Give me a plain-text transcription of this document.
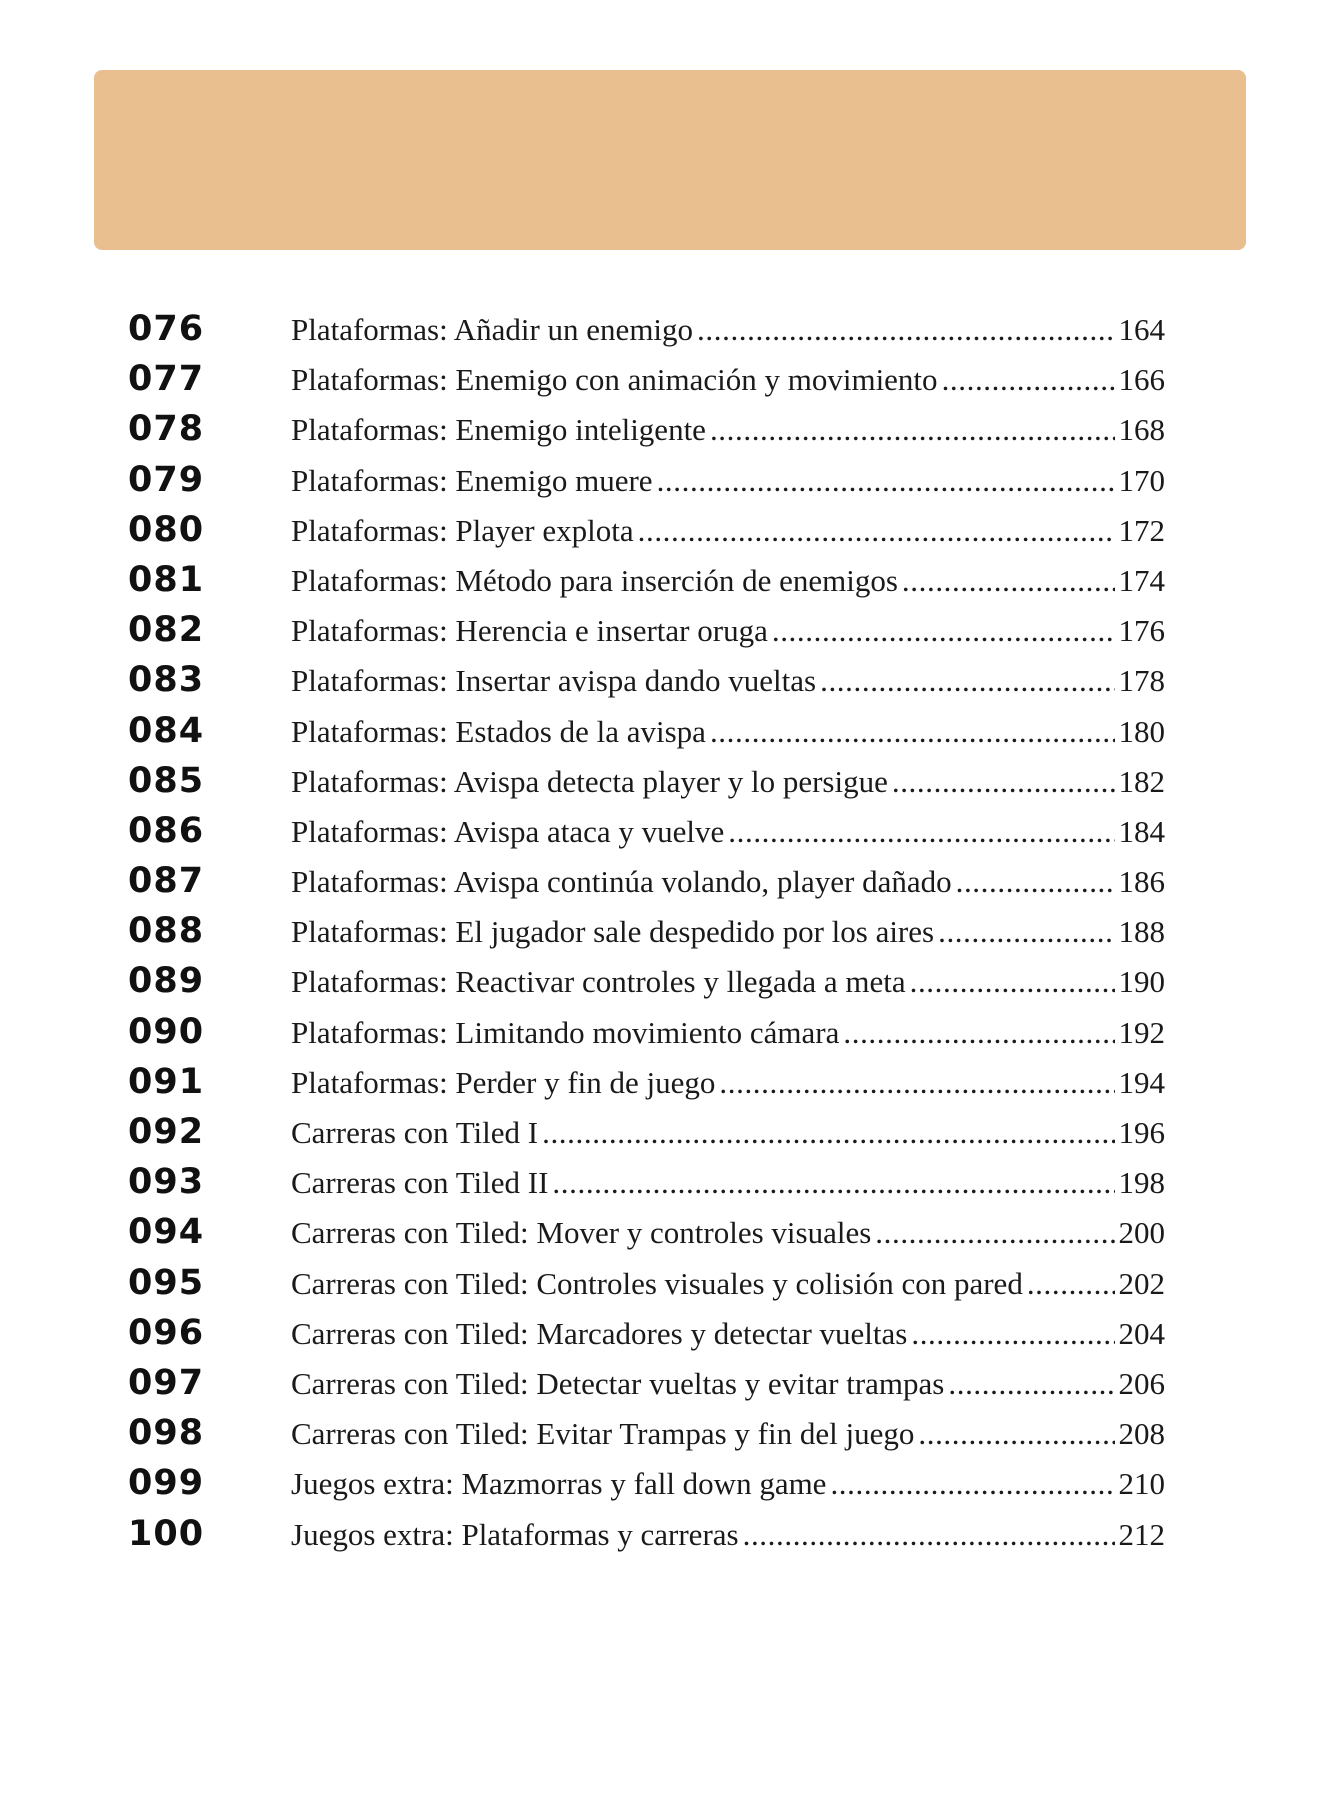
076	Plataformas: Añadir un enemigo .....	164
077	Plataformas: Enemigo con animación y movimiento .....	166
078	Plataformas: Enemigo inteligente .....	168
079	Plataformas: Enemigo muere .....	170
080	Plataformas: Player explota .....	172
081	Plataformas: Método para inserción de enemigos .....	174
082	Plataformas: Herencia e insertar oruga .....	176
083	Plataformas: Insertar avispa dando vueltas .....	178
084	Plataformas: Estados de la avispa .....	180
085	Plataformas: Avispa detecta player y lo persigue .....	182
086	Plataformas: Avispa ataca y vuelve .....	184
087	Plataformas: Avispa continúa volando, player dañado .....	186
088	Plataformas: El jugador sale despedido por los aires .....	188
089	Plataformas: Reactivar controles y llegada a meta .....	190
090	Plataformas: Limitando movimiento cámara .....	192
091	Plataformas: Perder y fin de juego .....	194
092	Carreras con Tiled I .....	196
093	Carreras con Tiled II .....	198
094	Carreras con Tiled: Mover y controles visuales .....	200
095	Carreras con Tiled: Controles visuales y colisión con pared .....	202
096	Carreras con Tiled: Marcadores y detectar vueltas .....	204
097	Carreras con Tiled: Detectar vueltas y evitar trampas .....	206
098	Carreras con Tiled: Evitar Trampas y fin del juego .....	208
099	Juegos extra: Mazmorras y fall down game .....	210
100	Juegos extra: Plataformas y carreras .....	212
